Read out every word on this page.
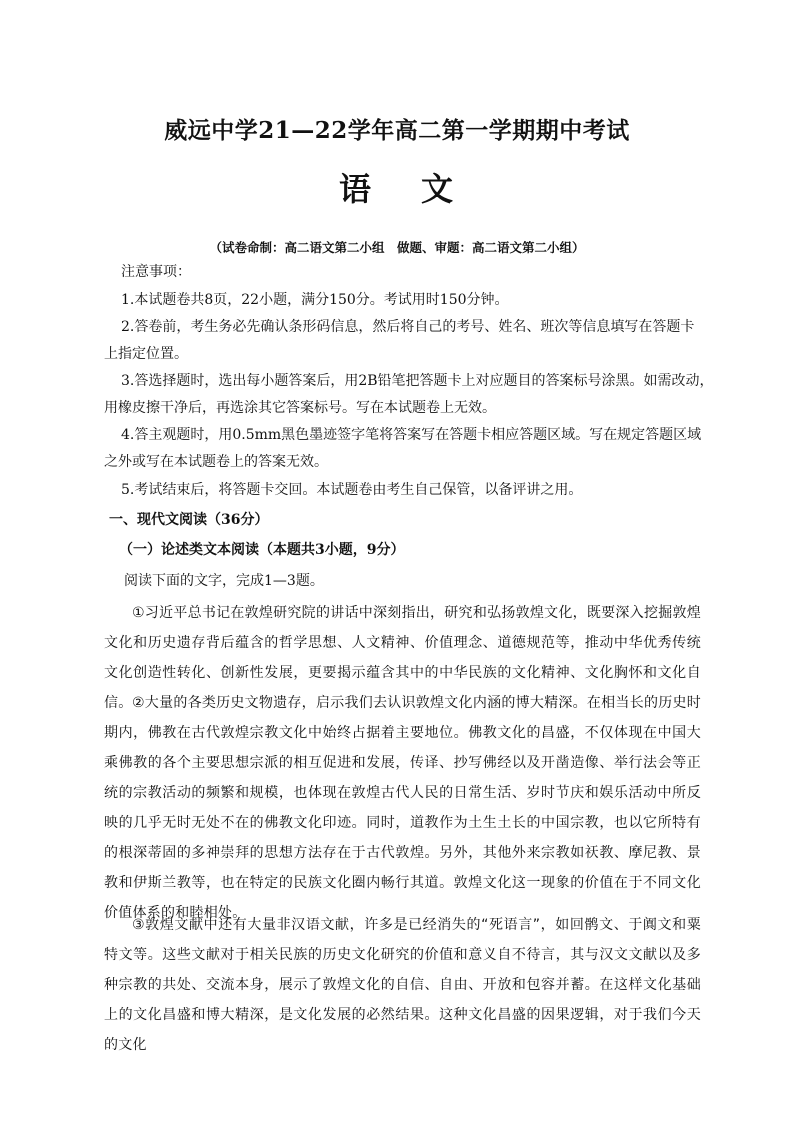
威远中学21—22学年高二第一学期期中考试
语 文
（试卷命制：高二语文第二小组　做题、审题：高二语文第二小组）
注意事项：
1.本试题卷共8页，22小题，满分150分。考试用时150分钟。
2.答卷前，考生务必先确认条形码信息，然后将自己的考号、姓名、班次等信息填写在答题卡
上指定位置。
3.答选择题时，选出每小题答案后，用2B铅笔把答题卡上对应题目的答案标号涂黑。如需改动，
用橡皮擦干净后，再选涂其它答案标号。写在本试题卷上无效。
4.答主观题时，用0.5mm黑色墨迹签字笔将答案写在答题卡相应答题区域。写在规定答题区域
之外或写在本试题卷上的答案无效。
5.考试结束后，将答题卡交回。本试题卷由考生自己保管，以备评讲之用。
一、现代文阅读（36分）
（一）论述类文本阅读（本题共3小题，9分）
阅读下面的文字，完成1—3题。
①习近平总书记在敦煌研究院的讲话中深刻指出，研究和弘扬敦煌文化，既要深入挖掘敦煌文化和历史遗存背后蕴含的哲学思想、人文精神、价值理念、道德规范等，推动中华优秀传统文化创造性转化、创新性发展，更要揭示蕴含其中的中华民族的文化精神、文化胸怀和文化自信。 ②大量的各类历史文物遗存，启示我们去认识敦煌文化内涵的博大精深。在相当长的历史时期内，佛教在古代敦煌宗教文化中始终占据着主要地位。佛教文化的昌盛，不仅体现在中国大乘佛教的各个主要思想宗派的相互促进和发展，传译、抄写佛经以及开凿造像、举行法会等正统的宗教活动的频繁和规模，也体现在敦煌古代人民的日常生活、岁时节庆和娱乐活动中所反映的几乎无时无处不在的佛教文化印迹。同时，道教作为土生土长的中国宗教，也以它所特有的根深蒂固的多神崇拜的思想方法存在于古代敦煌。另外，其他外来宗教如祆教、摩尼教、景教和伊斯兰教等，也在特定的民族文化圈内畅行其道。敦煌文化这一现象的价值在于不同文化价值体系的和睦相处。
③敦煌文献中还有大量非汉语文献，许多是已经消失的“死语言”，如回鹘文、于阗文和粟特文等。这些文献对于相关民族的历史文化研究的价值和意义自不待言，其与汉文文献以及多种宗教的共处、交流本身，展示了敦煌文化的自信、自由、开放和包容并蓄。在这样文化基础上的文化昌盛和博大精深，是文化发展的必然结果。这种文化昌盛的因果逻辑，对于我们今天的文化
